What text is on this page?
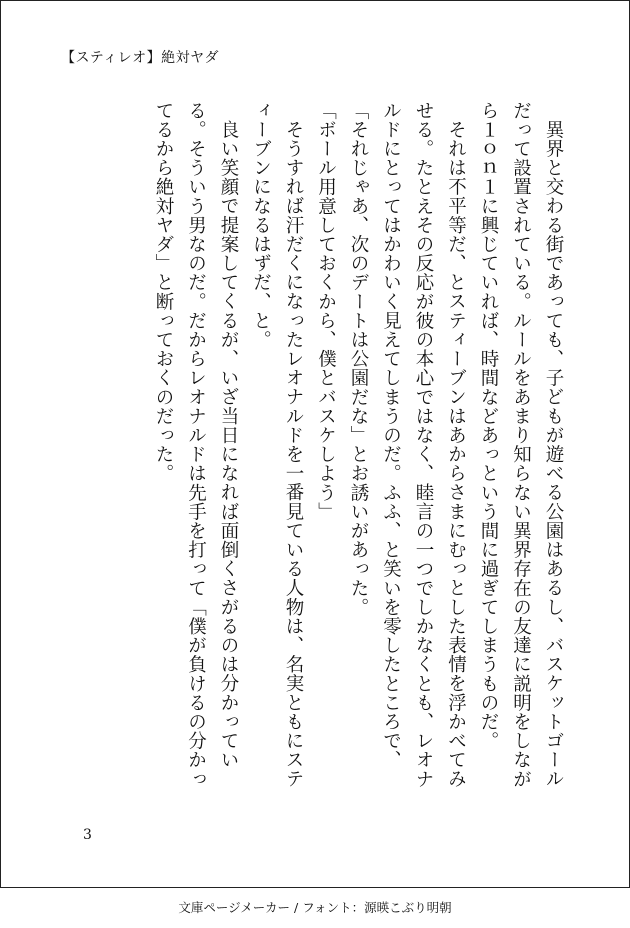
【スティレオ】絶対ヤダ

異界と交わる街であっても、子どもが遊べる公園はあるし、バスケットゴールだって設置されている。ルールをあまり知らない異界存在の友達に説明をしながら１ｏｎ１に興じていれば、時間などあっという間に過ぎてしまうものだ。

それは不平等だ、とスティーブンはあからさまにむっとした表情を浮かべてみせる。たとえその反応が彼の本心ではなく、睦言の一つでしかなくとも、レオナルドにとってはかわいく見えてしまうのだ。ふふ、と笑いを零したところで、

「それじゃあ、次のデートは公園だな」とお誘いがあった。

「ボール用意しておくから、僕とバスケしよう」

そうすれば汗だくになったレオナルドを一番見ている人物は、名実ともにスティーブンになるはずだ、と。

良い笑顔で提案してくるが、いざ当日になれば面倒くさがるのは分かっている。そういう男なのだ。だからレオナルドは先手を打って「僕が負けるの分かってるから絶対ヤダ」と断っておくのだった。

3
文庫ページメーカー / フォント：源暎こぶり明朝
